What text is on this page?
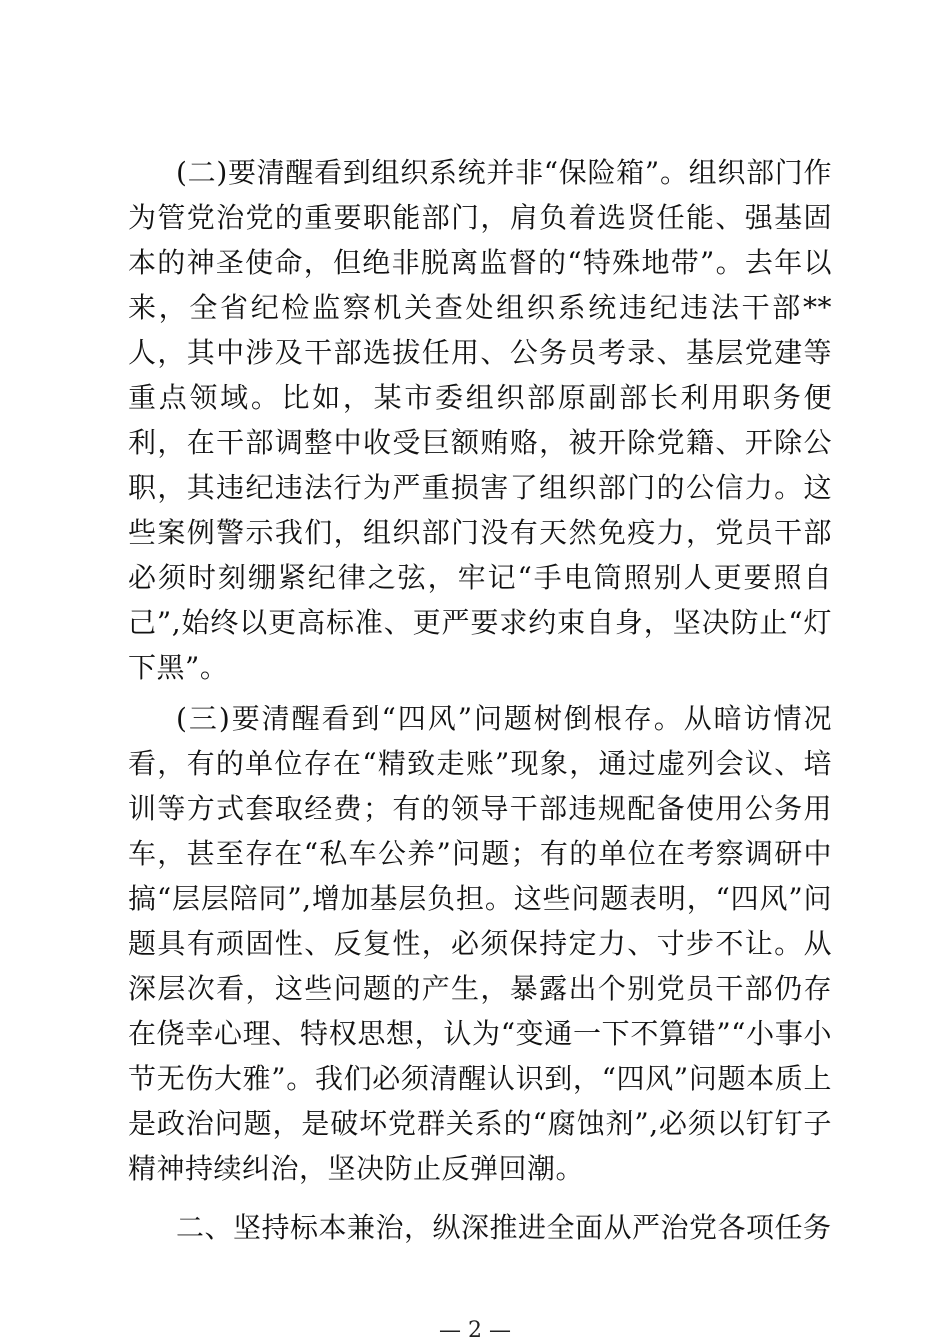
(二)要清醒看到组织系统并非“保险箱”。组织部门作为管党治党的重要职能部门，肩负着选贤任能、强基固本的神圣使命，但绝非脱离监督的“特殊地带”。去年以来，全省纪检监察机关查处组织系统违纪违法干部**人，其中涉及干部选拔任用、公务员考录、基层党建等重点领域。比如，某市委组织部原副部长利用职务便利，在干部调整中收受巨额贿赂，被开除党籍、开除公职，其违纪违法行为严重损害了组织部门的公信力。这些案例警示我们，组织部门没有天然免疫力，党员干部必须时刻绷紧纪律之弦，牢记“手电筒照别人更要照自己”,始终以更高标准、更严要求约束自身，坚决防止“灯下黑”。

(三)要清醒看到“四风”问题树倒根存。从暗访情况看，有的单位存在“精致走账”现象，通过虚列会议、培训等方式套取经费；有的领导干部违规配备使用公务用车，甚至存在“私车公养”问题；有的单位在考察调研中搞“层层陪同”,增加基层负担。这些问题表明，“四风”问题具有顽固性、反复性，必须保持定力、寸步不让。从深层次看，这些问题的产生，暴露出个别党员干部仍存在侥幸心理、特权思想，认为“变通一下不算错”“小事小节无伤大雅”。我们必须清醒认识到，“四风”问题本质上是政治问题，是破坏党群关系的“腐蚀剂”,必须以钉钉子精神持续纠治，坚决防止反弹回潮。

二、坚持标本兼治，纵深推进全面从严治党各项任务

— 2 —
